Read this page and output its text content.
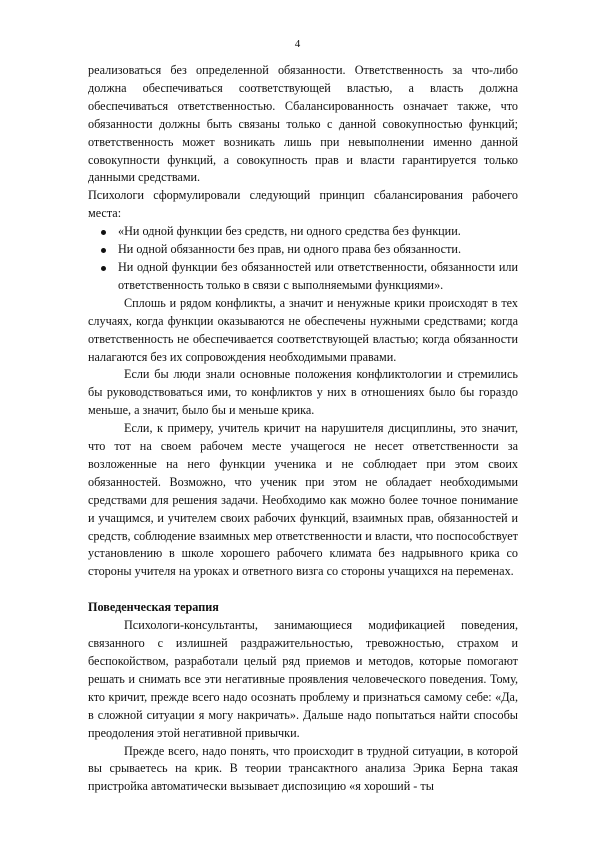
4

реализоваться без определенной обязанности. Ответственность за что-либо должна обеспечиваться соответствующей властью, а власть должна обеспечиваться ответственностью. Сбалансированность означает также, что обязанности должны быть связаны только с данной совокупностью функций; ответственность может возникать лишь при невыполнении именно данной совокупности функций, а совокупность прав и власти гарантируется только данными средствами.

Психологи сформулировали следующий принцип сбалансирования рабочего места:

«Ни одной функции без средств, ни одного средства без функции.
Ни одной обязанности без прав, ни одного права без обязанности.
Ни одной функции без обязанностей или ответственности, обязанности или ответственность только в связи с выполняемыми функциями».

Сплошь и рядом конфликты, а значит и ненужные крики происходят в тех случаях, когда функции оказываются не обеспечены нужными средствами; когда ответственность не обеспечивается соответствующей властью; когда обязанности налагаются без их сопровождения необходимыми правами.

Если бы люди знали основные положения конфликтологии и стремились бы руководствоваться ими, то конфликтов у них в отношениях было бы гораздо меньше, а значит, было бы и меньше крика.

Если, к примеру, учитель кричит на нарушителя дисциплины, это значит, что тот на своем рабочем месте учащегося не несет ответственности за возложенные на него функции ученика и не соблюдает при этом своих обязанностей. Возможно, что ученик при этом не обладает необходимыми средствами для решения задачи. Необходимо как можно более точное понимание и учащимся, и учителем своих рабочих функций, взаимных прав, обязанностей и средств, соблюдение взаимных мер ответственности и власти, что поспособствует установлению в школе хорошего рабочего климата без надрывного крика со стороны учителя на уроках и ответного визга со стороны учащихся на переменах.

Поведенческая терапия

Психологи-консультанты, занимающиеся модификацией поведения, связанного с излишней раздражительностью, тревожностью, страхом и беспокойством, разработали целый ряд приемов и методов, которые помогают решать и снимать все эти негативные проявления человеческого поведения. Тому, кто кричит, прежде всего надо осознать проблему и признаться самому себе: «Да, в сложной ситуации я могу накричать». Дальше надо попытаться найти способы преодоления этой негативной привычки.

Прежде всего, надо понять, что происходит в трудной ситуации, в которой вы срываетесь на крик. В теории трансактного анализа Эрика Берна такая пристройка автоматически вызывает диспозицию «я хороший - ты
